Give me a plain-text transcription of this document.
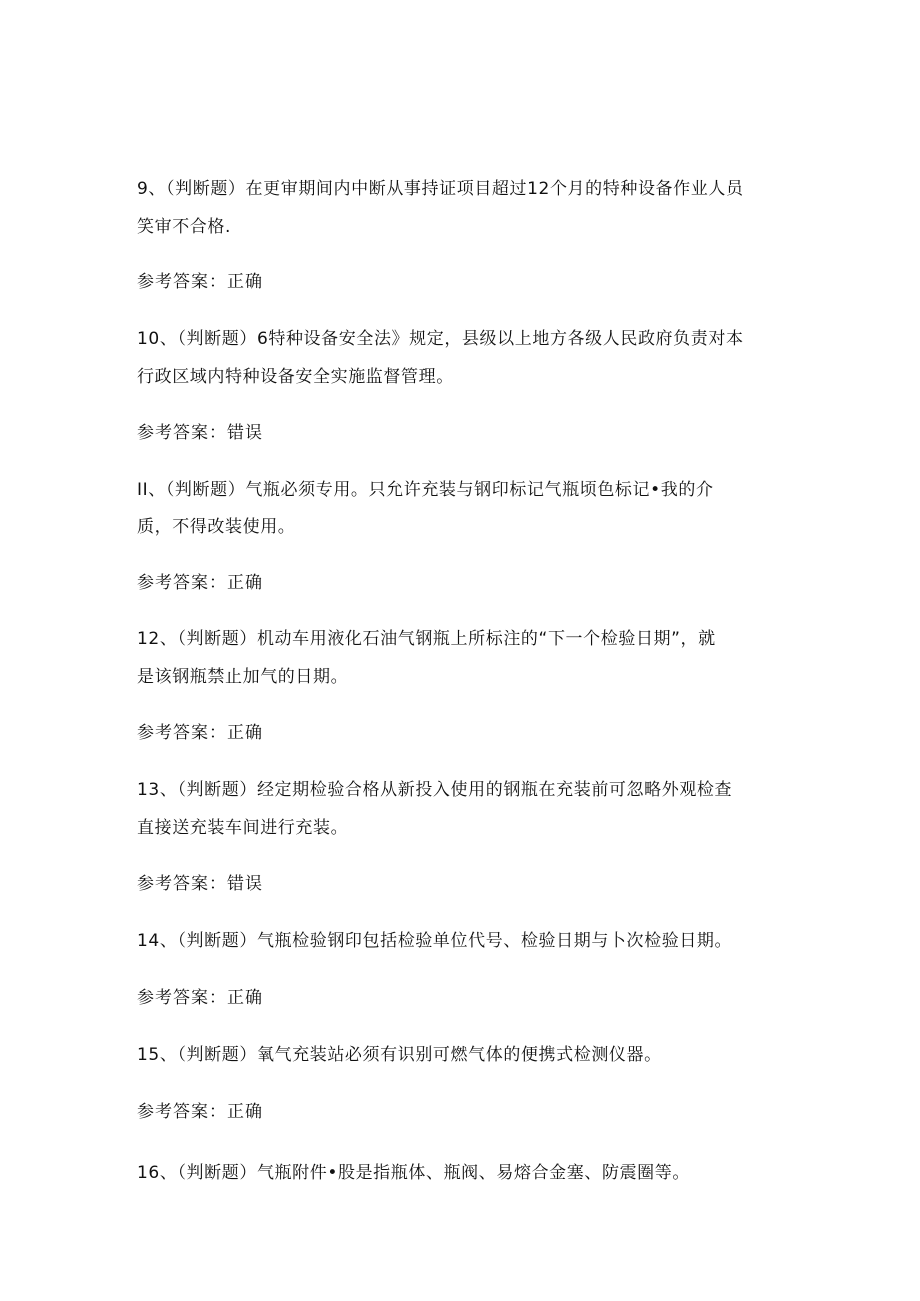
9、（判断题）在更审期间内中断从事持证项目超过12个月的特种设备作业人员
笑审不合格.
参考答案：正确
10、（判断题）6特种设备安全法》规定，县级以上地方各级人民政府负责对本
行政区域内特种设备安全实施监督管理。
参考答案：错误
II、（判断题）气瓶必须专用。只允许充装与钢印标记气瓶顷色标记•我的介
质，不得改装使用。
参考答案：正确
12、（判断题）机动车用液化石油气钢瓶上所标注的“下一个检验日期”，就
是该钢瓶禁止加气的日期。
参考答案：正确
13、（判断题）经定期检验合格从新投入使用的钢瓶在充装前可忽略外观检查
直接送充装车间进行充装。
参考答案：错误
14、（判断题）气瓶检验钢印包括检验单位代号、检验日期与卜次检验日期。
参考答案：正确
15、（判断题）氧气充装站必须有识别可燃气体的便携式检测仪器。
参考答案：正确
16、（判断题）气瓶附件•股是指瓶体、瓶阀、易熔合金塞、防震圈等。
